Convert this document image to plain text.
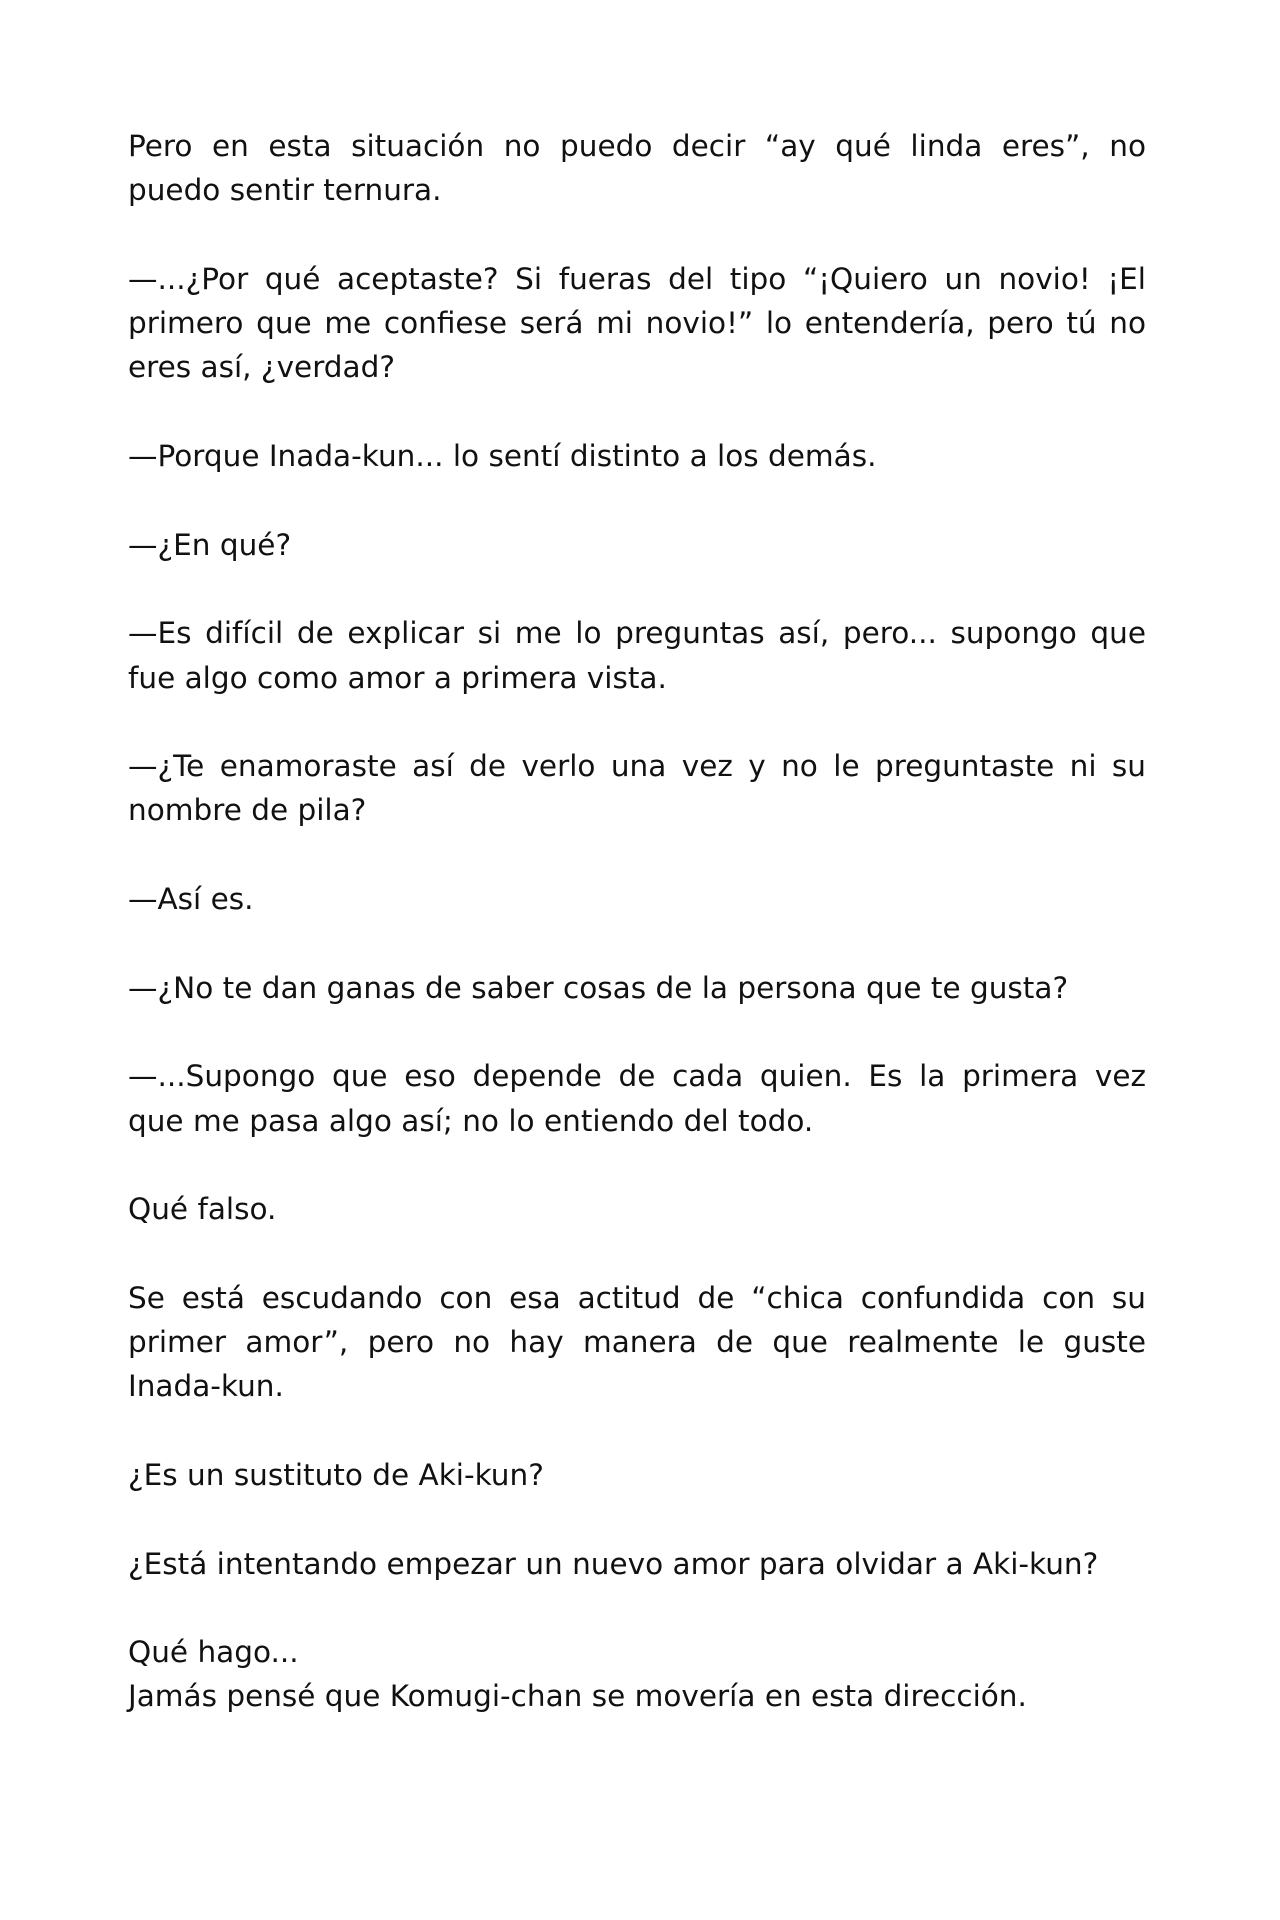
Pero en esta situación no puedo decir “ay qué linda eres”, no
puedo sentir ternura.
—...¿Por qué aceptaste? Si fueras del tipo “¡Quiero un novio! ¡El
primero que me confiese será mi novio!” lo entendería, pero tú no
eres así, ¿verdad?
—Porque Inada-kun... lo sentí distinto a los demás.
—¿En qué?
—Es difícil de explicar si me lo preguntas así, pero... supongo que
fue algo como amor a primera vista.
—¿Te enamoraste así de verlo una vez y no le preguntaste ni su
nombre de pila?
—Así es.
—¿No te dan ganas de saber cosas de la persona que te gusta?
—...Supongo que eso depende de cada quien. Es la primera vez
que me pasa algo así; no lo entiendo del todo.
Qué falso.
Se está escudando con esa actitud de “chica confundida con su
primer amor”, pero no hay manera de que realmente le guste
Inada-kun.
¿Es un sustituto de Aki-kun?
¿Está intentando empezar un nuevo amor para olvidar a Aki-kun?
Qué hago...
Jamás pensé que Komugi-chan se movería en esta dirección.
